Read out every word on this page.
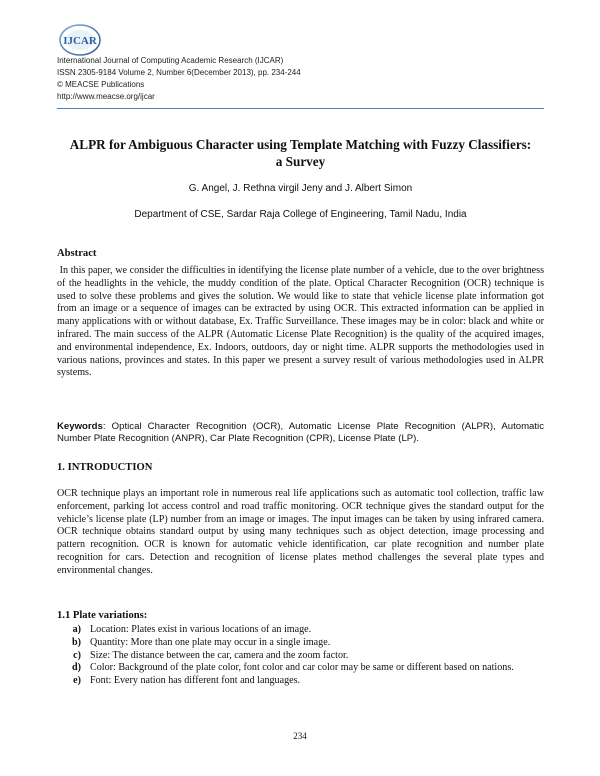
IJCAR
International Journal of Computing Academic Research (IJCAR)
ISSN 2305-9184 Volume 2, Number 6(December 2013), pp. 234-244
© MEACSE Publications
http://www.meacse.org/ijcar
ALPR for Ambiguous Character using Template Matching with Fuzzy Classifiers:
a Survey
G. Angel, J. Rethna virgil Jeny and J. Albert Simon
Department of CSE, Sardar Raja College of Engineering, Tamil Nadu, India
Abstract

In this paper, we consider the difficulties in identifying the license plate number of a vehicle, due to the over brightness of the headlights in the vehicle, the muddy condition of the plate. Optical Character Recognition (OCR) technique is used to solve these problems and gives the solution. We would like to state that vehicle license plate information got from an image or a sequence of images can be extracted by using OCR. This extracted information can be applied in many applications with or without database, Ex. Traffic Surveillance. These images may be in color: black and white or infrared. The main success of the ALPR (Automatic License Plate Recognition) is the quality of the acquired images, and environmental independence, Ex. Indoors, outdoors, day or night time. ALPR supports the methodologies used in various nations, provinces and states. In this paper we present a survey result of various methodologies used in ALPR systems.

Keywords: Optical Character Recognition (OCR), Automatic License Plate Recognition (ALPR), Automatic Number Plate Recognition (ANPR), Car Plate Recognition (CPR), License Plate (LP).

1. INTRODUCTION

OCR technique plays an important role in numerous real life applications such as automatic tool collection, traffic law enforcement, parking lot access control and road traffic monitoring. OCR technique gives the standard output for the vehicle’s license plate (LP) number from an image or images. The input images can be taken by using infrared camera. OCR technique obtains standard output by using many techniques such as object detection, image processing and pattern recognition. OCR is known for automatic vehicle identification, car plate recognition and number plate recognition for cars. Detection and recognition of license plates method challenges the several plate types and environmental changes.

1.1 Plate variations:
a) Location: Plates exist in various locations of an image.
b) Quantity: More than one plate may occur in a single image.
c) Size: The distance between the car, camera and the zoom factor.
d) Color: Background of the plate color, font color and car color may be same or different based on nations.
e) Font: Every nation has different font and languages.
234
